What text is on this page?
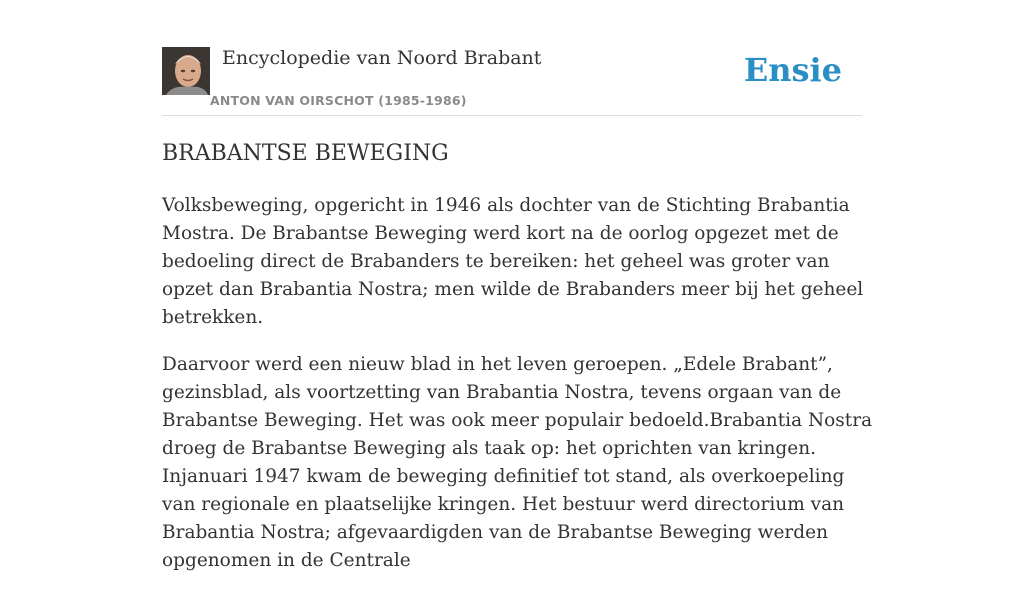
Encyclopedie van Noord Brabant
ANTON VAN OIRSCHOT (1985-1986)
Ensie
BRABANTSE BEWEGING

Volksbeweging, opgericht in 1946 als dochter van de Stichting Brabantia Mostra. De Brabantse Beweging werd kort na de oorlog opgezet met de bedoeling direct de Brabanders te bereiken: het geheel was groter van opzet dan Brabantia Nostra; men wilde de Brabanders meer bij het geheel betrekken.

Daarvoor werd een nieuw blad in het leven geroepen. „Edele Brabant”, gezinsblad, als voortzetting van Brabantia Nostra, tevens orgaan van de Brabantse Beweging. Het was ook meer populair bedoeld.Brabantia Nostra droeg de Brabantse Beweging als taak op: het oprichten van kringen. Injanuari 1947 kwam de beweging definitief tot stand, als overkoepeling van regionale en plaatselijke kringen. Het bestuur werd directorium van Brabantia Nostra; afgevaardigden van de Brabantse Beweging werden opgenomen in de Centrale
